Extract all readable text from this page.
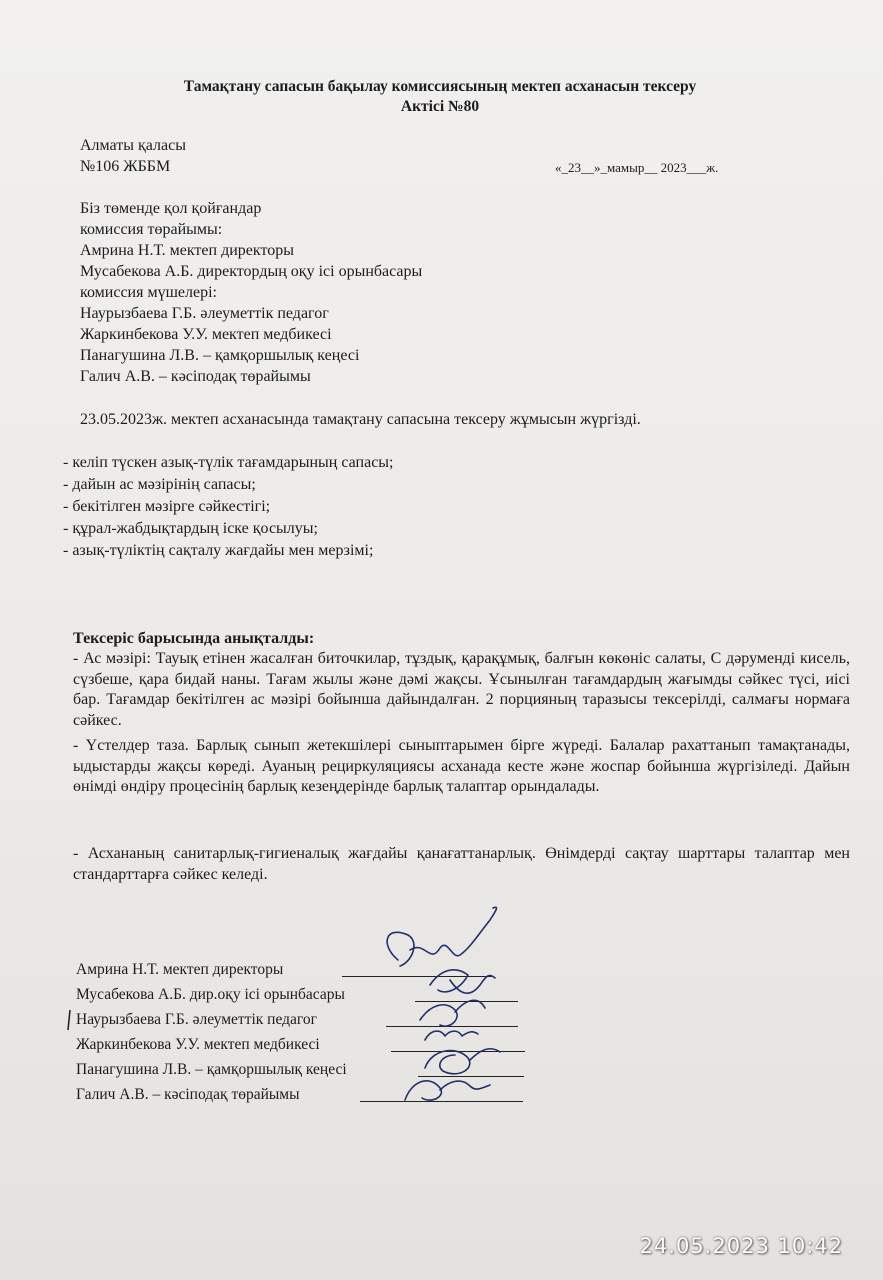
Тамақтану сапасын бақылау комиссиясының мектеп асханасын тексеру
Актісі №80
Алматы қаласы
№106 ЖББМ	«_23__»_мамыр__ 2023___ж.
Біз төменде қол қойғандар
комиссия төрайымы:
Амрина Н.Т. мектеп директоры
Мусабекова А.Б. директордың оқу ісі орынбасары
комиссия мүшелері:
Наурызбаева Г.Б. әлеуметтік педагог
Жаркинбекова У.У. мектеп медбикесі
Панагушина Л.В. – қамқоршылық кеңесі
Галич А.В. – кәсіподақ төрайымы
23.05.2023ж. мектеп асханасында тамақтану сапасына тексеру жұмысын жүргізді.
- келіп түскен азық-түлік тағамдарының сапасы;
- дайын ас мәзірінің сапасы;
- бекітілген мәзірге сәйкестігі;
- құрал-жабдықтардың іске қосылуы;
- азық-түліктің сақталу жағдайы мен мерзімі;
Тексеріс барысында анықталды:
- Ас мәзірі: Тауық етінен жасалған биточкилар, тұздық, қарақұмық, балғын көкөніс салаты, С дәруменді кисель, сүзбеше, қара бидай наны. Тағам жылы және дәмі жақсы. Ұсынылған тағамдардың жағымды сәйкес түсі, иісі бар. Тағамдар бекітілген ас мәзірі бойынша дайындалған. 2 порцияның таразысы тексерілді, салмағы нормаға сәйкес.
- Үстелдер таза. Барлық сынып жетекшілері сыныптарымен бірге жүреді. Балалар рахаттанып тамақтанады, ыдыстарды жақсы көреді. Ауаның рециркуляциясы асханада кесте және жоспар бойынша жүргізіледі. Дайын өнімді өндіру процесінің барлық кезеңдерінде барлық талаптар орындалады.
- Асхананың санитарлық-гигиеналық жағдайы қанағаттанарлық. Өнімдерді сақтау шарттары талаптар мен стандарттарға сәйкес келеді.
Амрина Н.Т. мектеп директоры
Мусабекова А.Б. дир.оқу ісі орынбасары
Наурызбаева Г.Б. әлеуметтік педагог
Жаркинбекова У.У. мектеп медбикесі
Панагушина Л.В. – қамқоршылық кеңесі
Галич А.В. – кәсіподақ төрайымы
24.05.2023 10:42
